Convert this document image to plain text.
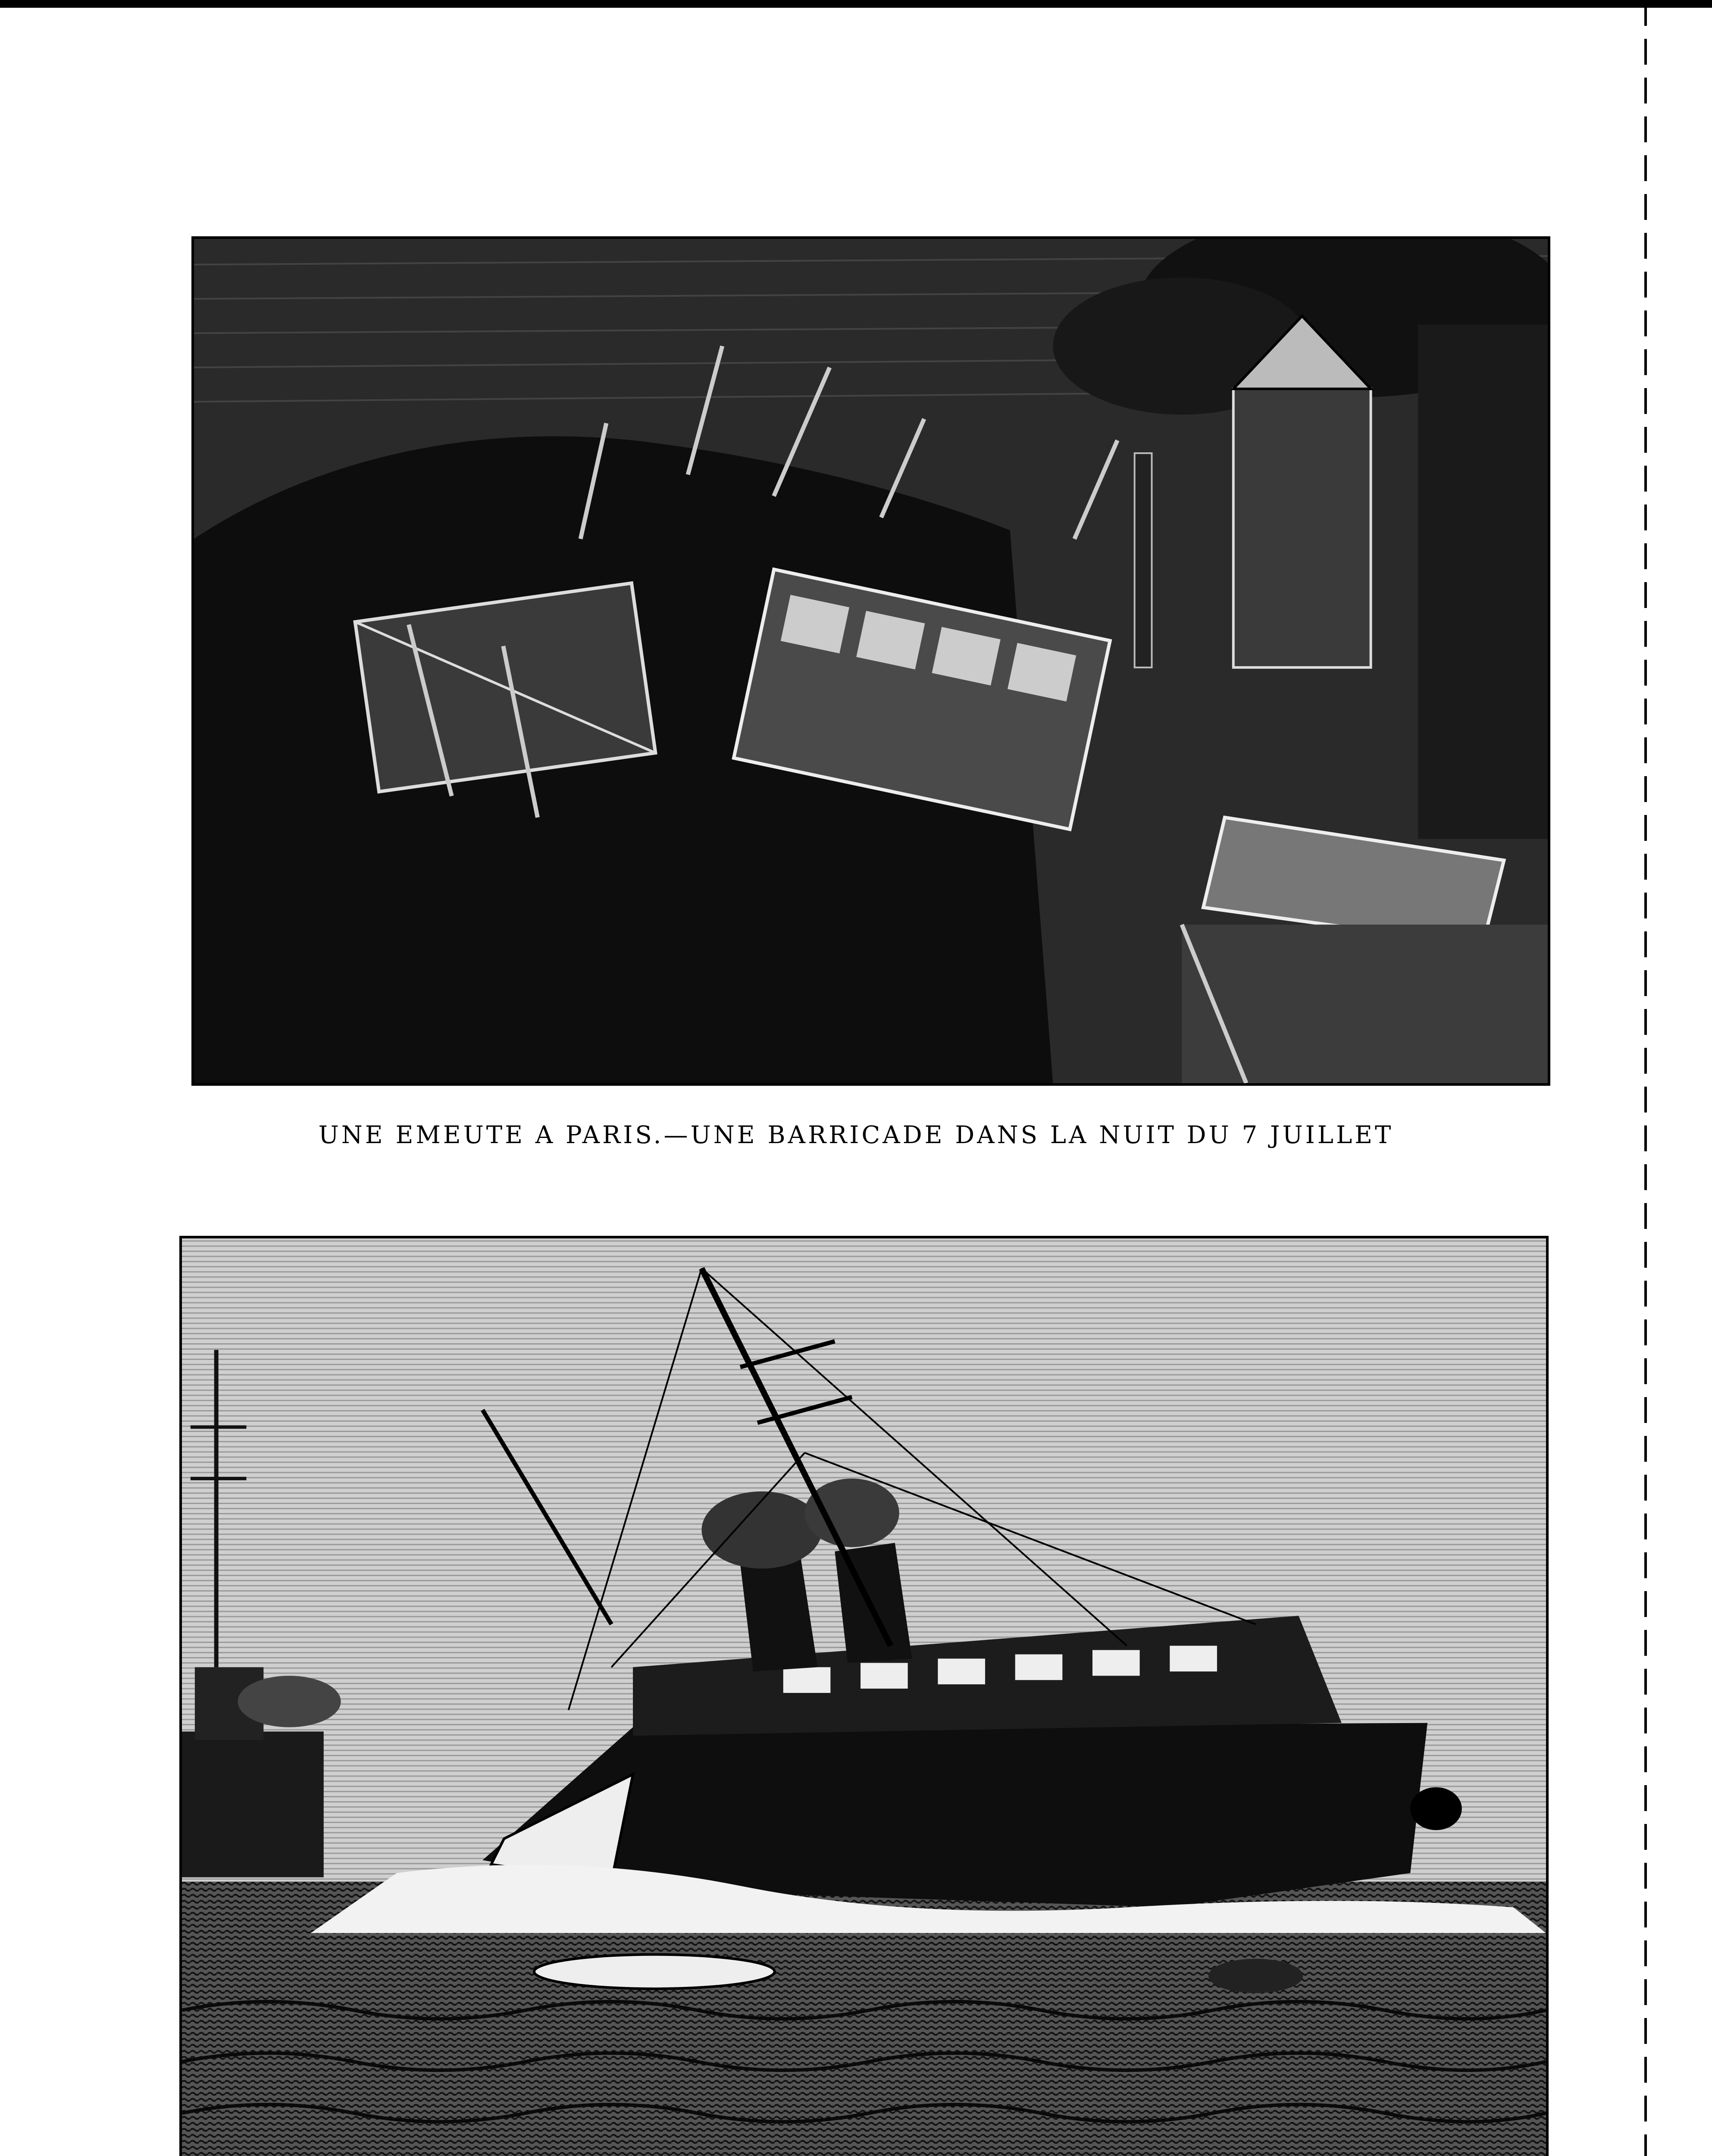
UNE EMEUTE A PARIS.—UNE BARRICADE DANS LA NUIT DU 7 JUILLET
